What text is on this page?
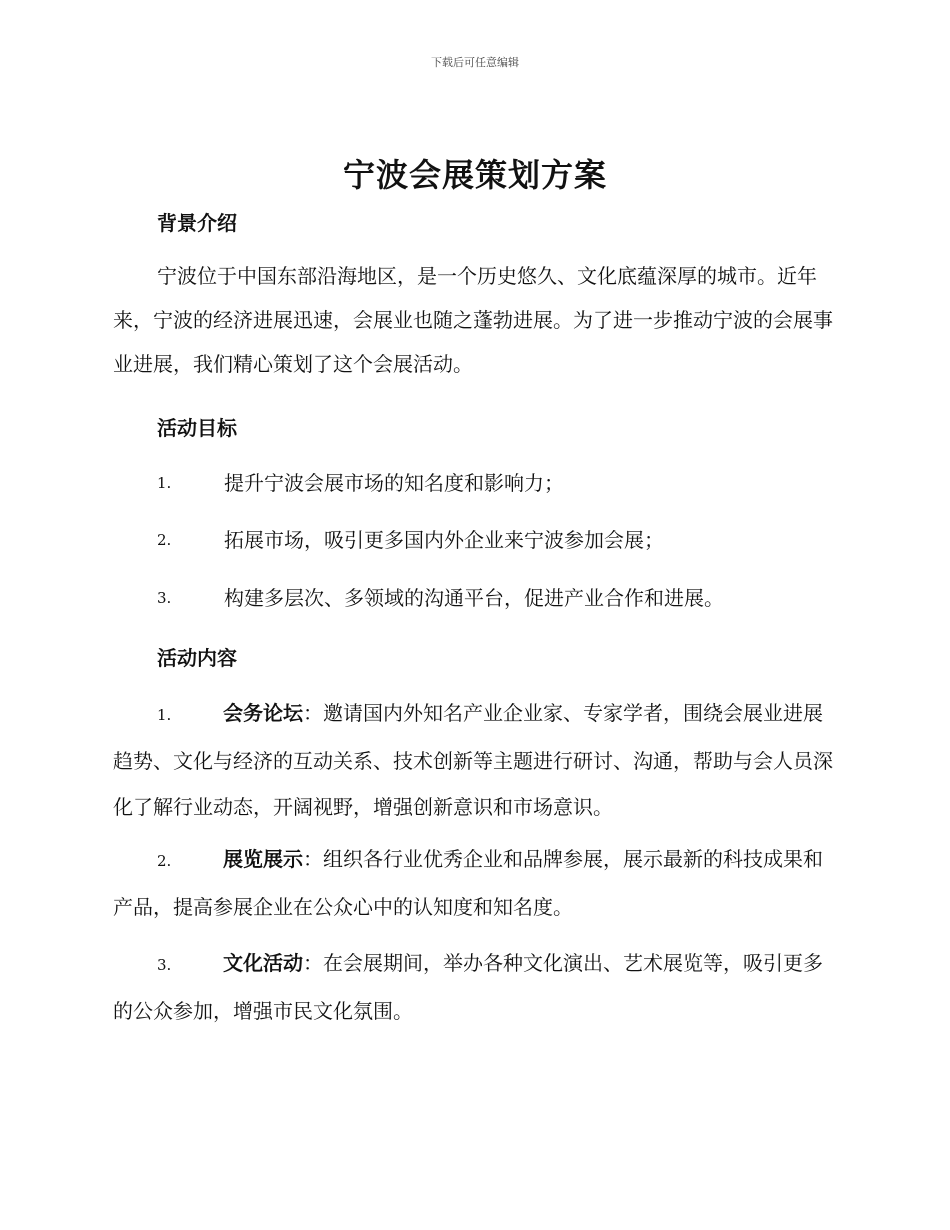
下载后可任意编辑
宁波会展策划方案
背景介绍

宁波位于中国东部沿海地区，是一个历史悠久、文化底蕴深厚的城市。近年来，宁波的经济进展迅速，会展业也随之蓬勃进展。为了进一步推动宁波的会展事业进展，我们精心策划了这个会展活动。

活动目标
1.	提升宁波会展市场的知名度和影响力；
2.	拓展市场，吸引更多国内外企业来宁波参加会展；
3.	构建多层次、多领域的沟通平台，促进产业合作和进展。
活动内容

1.	会务论坛：邀请国内外知名产业企业家、专家学者，围绕会展业进展趋势、文化与经济的互动关系、技术创新等主题进行研讨、沟通，帮助与会人员深化了解行业动态，开阔视野，增强创新意识和市场意识。

2.	展览展示：组织各行业优秀企业和品牌参展，展示最新的科技成果和产品，提高参展企业在公众心中的认知度和知名度。

3.	文化活动：在会展期间，举办各种文化演出、艺术展览等，吸引更多的公众参加，增强市民文化氛围。
